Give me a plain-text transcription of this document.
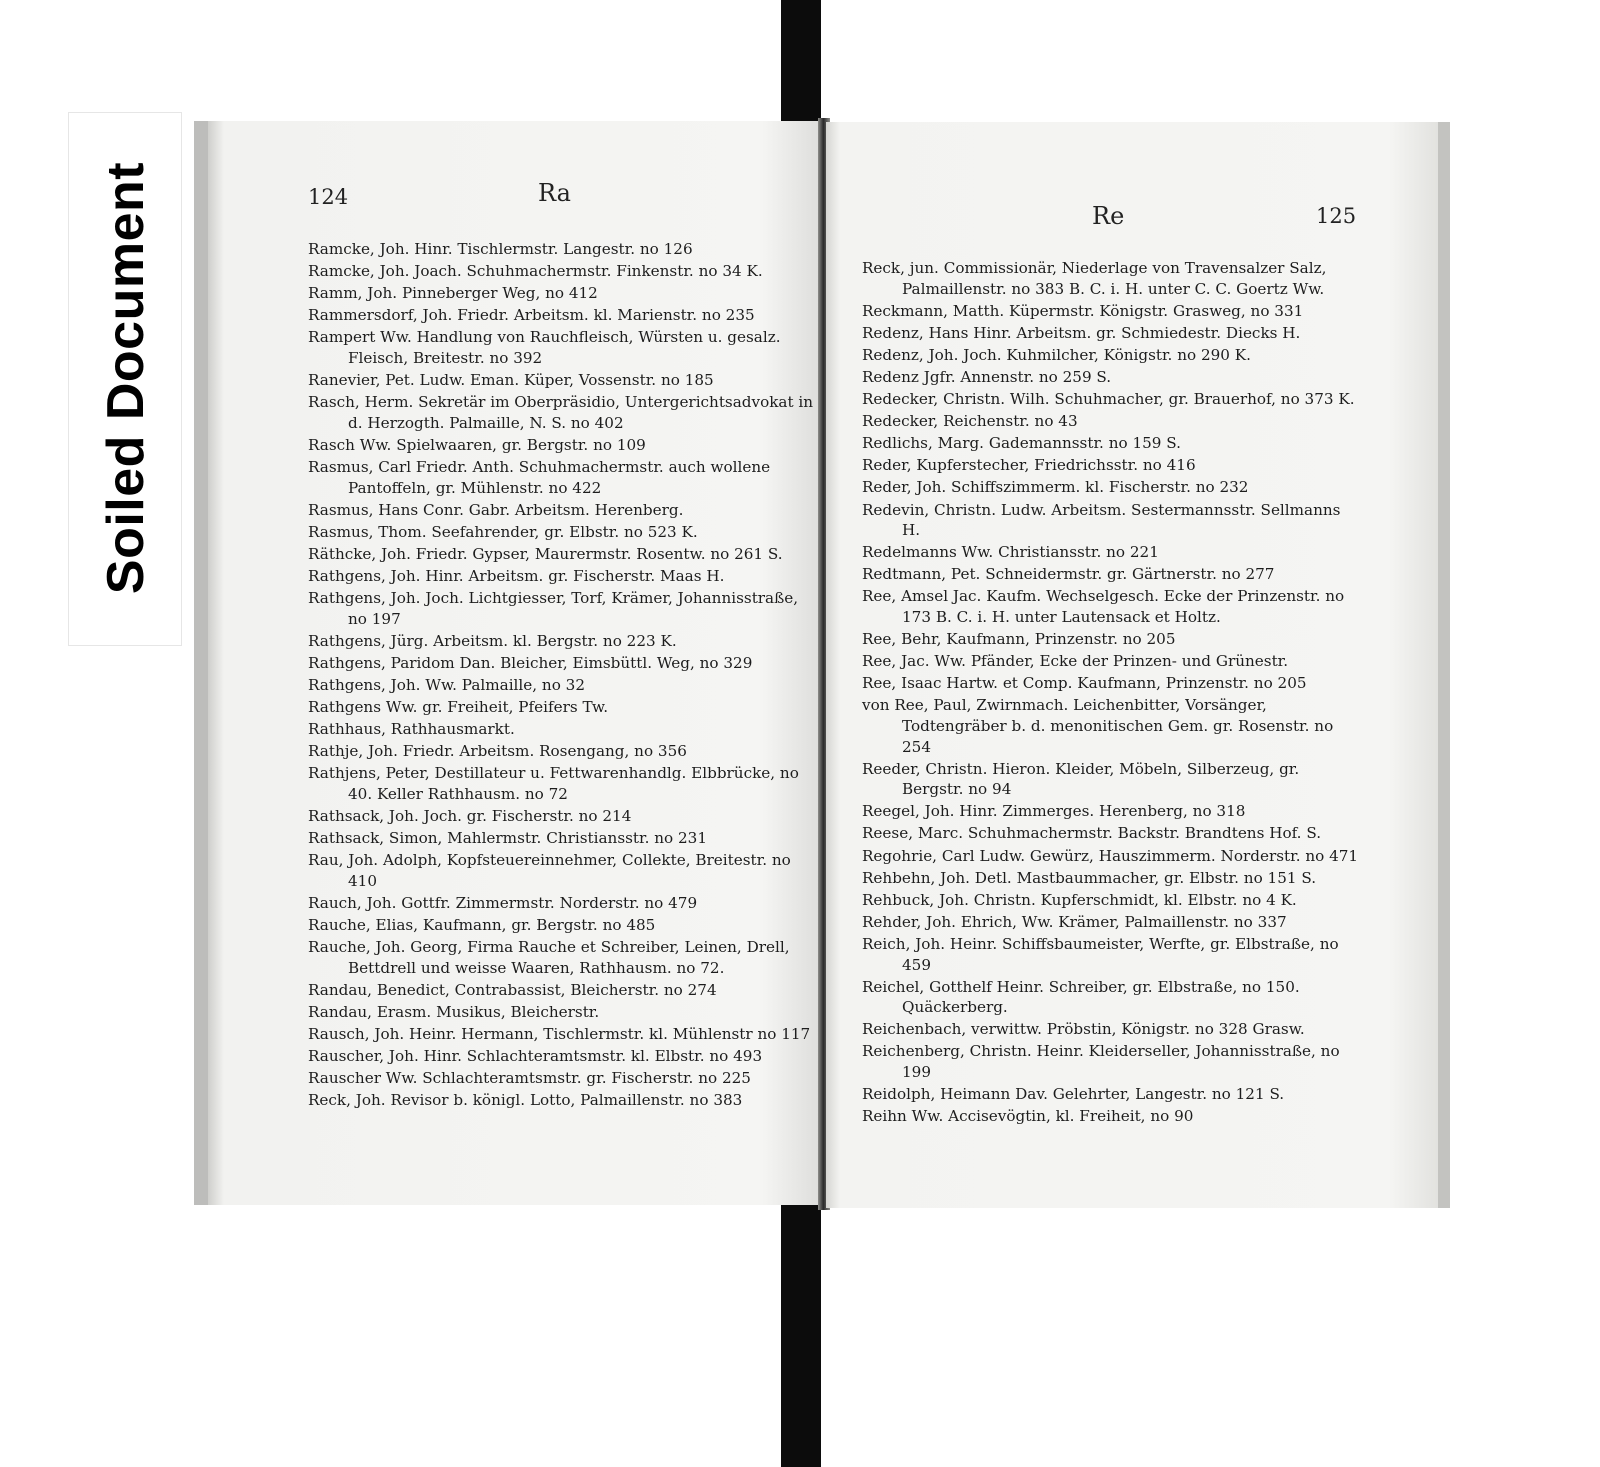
Soiled Document	124	Ra
Ramcke, Joh. Hinr. Tischlermstr. Langestr. no 126
Ramcke, Joh. Joach. Schuhmachermstr. Finkenstr. no 34 K.
Ramm, Joh. Pinneberger Weg, no 412
Rammersdorf, Joh. Friedr. Arbeitsm. kl. Marienstr. no 235
Rampert Ww. Handlung von Rauchfleisch, Würsten u. gesalz. Fleisch, Breitestr. no 392
Ranevier, Pet. Ludw. Eman. Küper, Vossenstr. no 185
Rasch, Herm. Sekretär im Oberpräsidio, Untergerichtsadvokat in d. Herzogth. Palmaille, N. S. no 402
Rasch Ww. Spielwaaren, gr. Bergstr. no 109
Rasmus, Carl Friedr. Anth. Schuhmachermstr. auch wollene Pantoffeln, gr. Mühlenstr. no 422
Rasmus, Hans Conr. Gabr. Arbeitsm. Herenberg.
Rasmus, Thom. Seefahrender, gr. Elbstr. no 523 K.
Räthcke, Joh. Friedr. Gypser, Maurermstr. Rosentw. no 261 S.
Rathgens, Joh. Hinr. Arbeitsm. gr. Fischerstr. Maas H.
Rathgens, Joh. Joch. Lichtgiesser, Torf, Krämer, Johannisstraße, no 197
Rathgens, Jürg. Arbeitsm. kl. Bergstr. no 223 K.
Rathgens, Paridom Dan. Bleicher, Eimsbüttl. Weg, no 329
Rathgens, Joh. Ww. Palmaille, no 32
Rathgens Ww. gr. Freiheit, Pfeifers Tw.
Rathhaus, Rathhausmarkt.
Rathje, Joh. Friedr. Arbeitsm. Rosengang, no 356
Rathjens, Peter, Destillateur u. Fettwarenhandlg. Elbbrücke, no 40. Keller Rathhausm. no 72
Rathsack, Joh. Joch. gr. Fischerstr. no 214
Rathsack, Simon, Mahlermstr. Christiansstr. no 231
Rau, Joh. Adolph, Kopfsteuereinnehmer, Collekte, Breitestr. no 410
Rauch, Joh. Gottfr. Zimmermstr. Norderstr. no 479
Rauche, Elias, Kaufmann, gr. Bergstr. no 485
Rauche, Joh. Georg, Firma Rauche et Schreiber, Leinen, Drell, Bettdrell und weisse Waaren, Rathhausm. no 72.
Randau, Benedict, Contrabassist, Bleicherstr. no 274
Randau, Erasm. Musikus, Bleicherstr.
Rausch, Joh. Heinr. Hermann, Tischlermstr. kl. Mühlenstr no 117
Rauscher, Joh. Hinr. Schlachteramtsmstr. kl. Elbstr. no 493
Rauscher Ww. Schlachteramtsmstr. gr. Fischerstr. no 225
Reck, Joh. Revisor b. königl. Lotto, Palmaillenstr. no 383
Re	125
Reck, jun. Commissionär, Niederlage von Travensalzer Salz, Palmaillenstr. no 383 B. C. i. H. unter C. C. Goertz Ww.
Reckmann, Matth. Küpermstr. Königstr. Grasweg, no 331
Redenz, Hans Hinr. Arbeitsm. gr. Schmiedestr. Diecks H.
Redenz, Joh. Joch. Kuhmilcher, Königstr. no 290 K.
Redenz Jgfr. Annenstr. no 259 S.
Redecker, Christn. Wilh. Schuhmacher, gr. Brauerhof, no 373 K.
Redecker, Reichenstr. no 43
Redlichs, Marg. Gademannsstr. no 159 S.
Reder, Kupferstecher, Friedrichsstr. no 416
Reder, Joh. Schiffszimmerm. kl. Fischerstr. no 232
Redevin, Christn. Ludw. Arbeitsm. Sestermannsstr. Sellmanns H.
Redelmanns Ww. Christiansstr. no 221
Redtmann, Pet. Schneidermstr. gr. Gärtnerstr. no 277
Ree, Amsel Jac. Kaufm. Wechselgesch. Ecke der Prinzenstr. no 173 B. C. i. H. unter Lautensack et Holtz.
Ree, Behr, Kaufmann, Prinzenstr. no 205
Ree, Jac. Ww. Pfänder, Ecke der Prinzen- und Grünestr.
Ree, Isaac Hartw. et Comp. Kaufmann, Prinzenstr. no 205
von Ree, Paul, Zwirnmach. Leichenbitter, Vorsänger, Todtengräber b. d. menonitischen Gem. gr. Rosenstr. no 254
Reeder, Christn. Hieron. Kleider, Möbeln, Silberzeug, gr. Bergstr. no 94
Reegel, Joh. Hinr. Zimmerges. Herenberg, no 318
Reese, Marc. Schuhmachermstr. Backstr. Brandtens Hof. S.
Regohrie, Carl Ludw. Gewürz, Hauszimmerm. Norderstr. no 471
Rehbehn, Joh. Detl. Mastbaummacher, gr. Elbstr. no 151 S.
Rehbuck, Joh. Christn. Kupferschmidt, kl. Elbstr. no 4 K.
Rehder, Joh. Ehrich, Ww. Krämer, Palmaillenstr. no 337
Reich, Joh. Heinr. Schiffsbaumeister, Werfte, gr. Elbstraße, no 459
Reichel, Gotthelf Heinr. Schreiber, gr. Elbstraße, no 150. Quäckerberg.
Reichenbach, verwittw. Pröbstin, Königstr. no 328 Grasw.
Reichenberg, Christn. Heinr. Kleiderseller, Johannisstraße, no 199
Reidolph, Heimann Dav. Gelehrter, Langestr. no 121 S.
Reihn Ww. Accisevögtin, kl. Freiheit, no 90
